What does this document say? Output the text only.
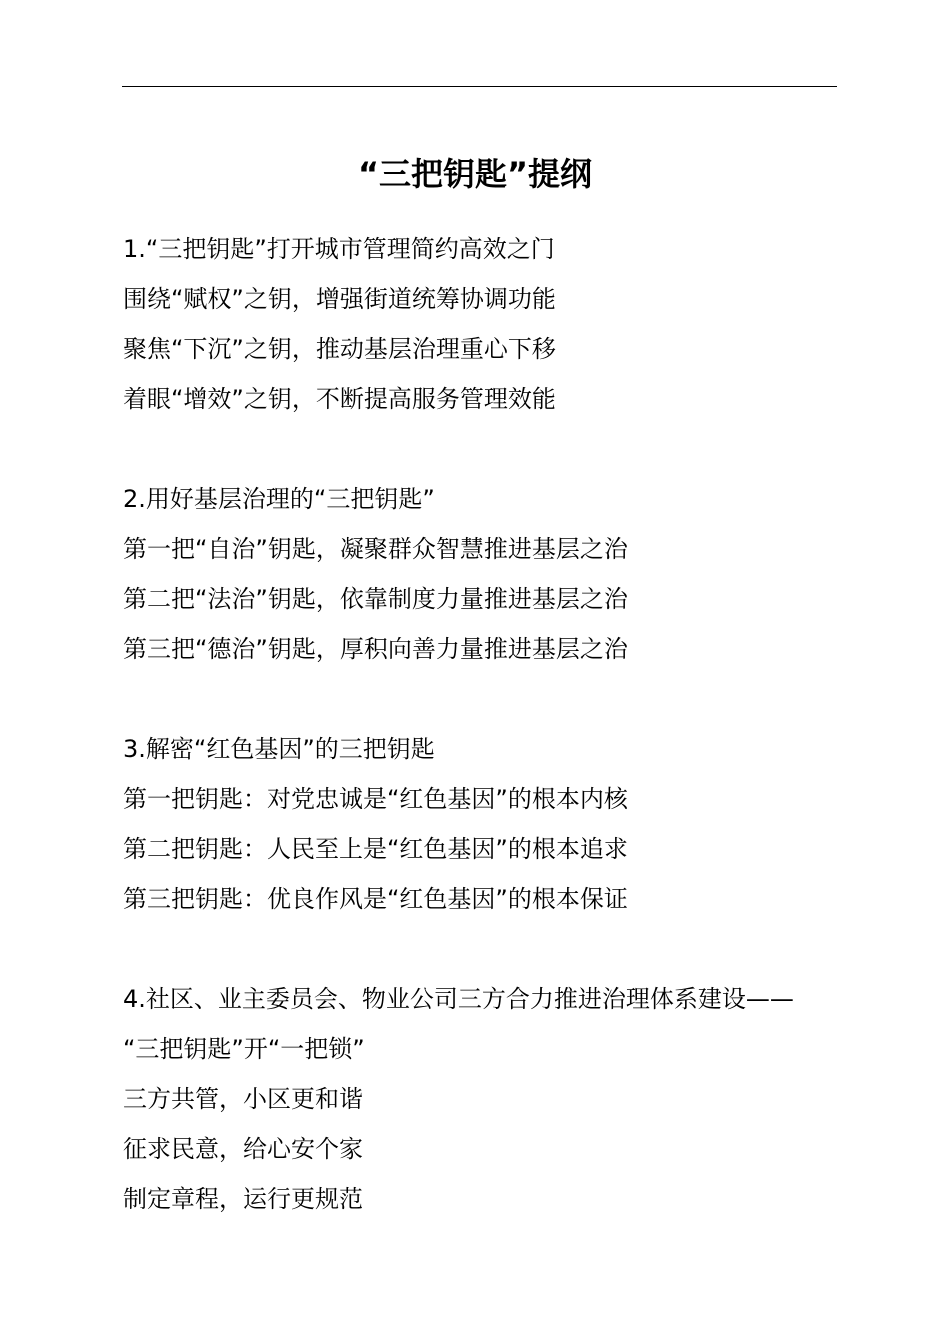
“三把钥匙”提纲
1.“三把钥匙”打开城市管理简约高效之门
围绕“赋权”之钥，增强街道统筹协调功能
聚焦“下沉”之钥，推动基层治理重心下移
着眼“增效”之钥，不断提高服务管理效能
2.用好基层治理的“三把钥匙”
第一把“自治”钥匙，凝聚群众智慧推进基层之治
第二把“法治”钥匙，依靠制度力量推进基层之治
第三把“德治”钥匙，厚积向善力量推进基层之治
3.解密“红色基因”的三把钥匙
第一把钥匙：对党忠诚是“红色基因”的根本内核
第二把钥匙：人民至上是“红色基因”的根本追求
第三把钥匙：优良作风是“红色基因”的根本保证
4.社区、业主委员会、物业公司三方合力推进治理体系建设——
“三把钥匙”开“一把锁”
三方共管，小区更和谐
征求民意，给心安个家
制定章程，运行更规范
